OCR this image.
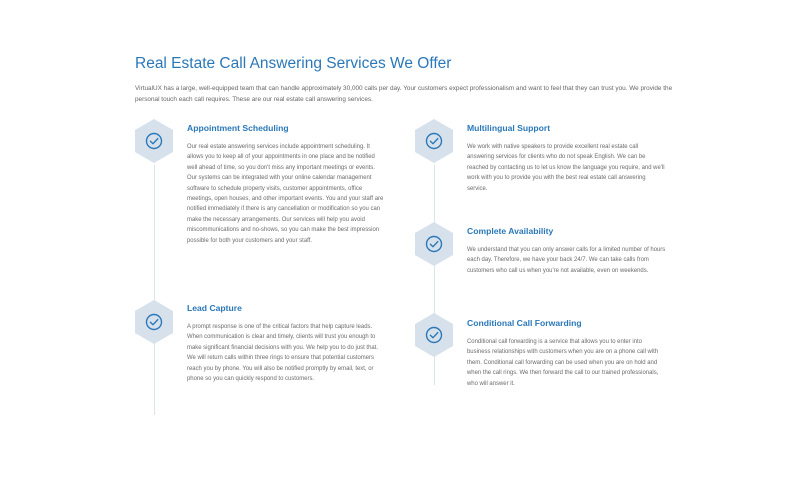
Real Estate Call Answering Services We Offer

VirtualUX has a large, well-equipped team that can handle approximately 30,000 calls per day. Your customers expect professionalism and want to feel that they can trust you. We provide the personal touch each call requires. These are our real estate call answering services.

Appointment Scheduling

Our real estate answering services include appointment scheduling. It allows you to keep all of your appointments in one place and be notified well ahead of time, so you don't miss any important meetings or events. Our systems can be integrated with your online calendar management software to schedule property visits, customer appointments, office meetings, open houses, and other important events. You and your staff are notified immediately if there is any cancellation or modification so you can make the necessary arrangements. Our services will help you avoid miscommunications and no-shows, so you can make the best impression possible for both your customers and your staff.

Lead Capture

A prompt response is one of the critical factors that help capture leads. When communication is clear and timely, clients will trust you enough to make significant financial decisions with you. We help you to do just that. We will return calls within three rings to ensure that potential customers reach you by phone. You will also be notified promptly by email, text, or phone so you can quickly respond to customers.

Multilingual Support

We work with native speakers to provide excellent real estate call answering services for clients who do not speak English. We can be reached by contacting us to let us know the language you require, and we'll work with you to provide you with the best real estate call answering service.

Complete Availability

We understand that you can only answer calls for a limited number of hours each day. Therefore, we have your back 24/7. We can take calls from customers who call us when you're not available, even on weekends.

Conditional Call Forwarding

Conditional call forwarding is a service that allows you to enter into business relationships with customers when you are on a phone call with them. Conditional call forwarding can be used when you are on hold and when the call rings. We then forward the call to our trained professionals, who will answer it.
